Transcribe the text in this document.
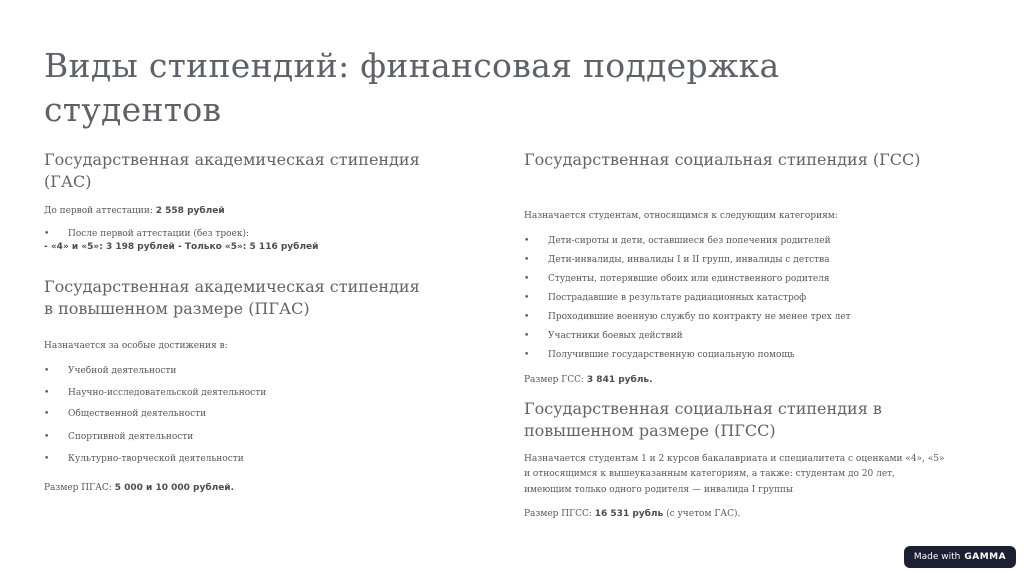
Виды стипендий: финансовая поддержка студентов
Государственная академическая стипендия (ГАС)
До первой аттестации: 2 558 рублей
• После первой аттестации (без троек):
- «4» и «5»: 3 198 рублей - Только «5»: 5 116 рублей
Государственная академическая стипендия в повышенном размере (ПГАС)
Назначается за особые достижения в:
• Учебной деятельности
• Научно-исследовательской деятельности
• Общественной деятельности
• Спортивной деятельности
• Культурно-творческой деятельности
Размер ПГАС: 5 000 и 10 000 рублей.
Государственная социальная стипендия (ГСС)
Назначается студентам, относящимся к следующим категориям:
• Дети-сироты и дети, оставшиеся без попечения родителей
• Дети-инвалиды, инвалиды I и II групп, инвалиды с детства
• Студенты, потерявшие обоих или единственного родителя
• Пострадавшие в результате радиационных катастроф
• Проходившие военную службу по контракту не менее трех лет
• Участники боевых действий
• Получившие государственную социальную помощь
Размер ГСС: 3 841 рубль.
Государственная социальная стипендия в повышенном размере (ПГСС)
Назначается студентам 1 и 2 курсов бакалавриата и специалитета с оценками «4», «5»
и относящимся к вышеуказанным категориям, а также: студентам до 20 лет,
имеющим только одного родителя — инвалида I группы
Размер ПГСС: 16 531 рубль (с учетом ГАС).
Made with GAMMA
